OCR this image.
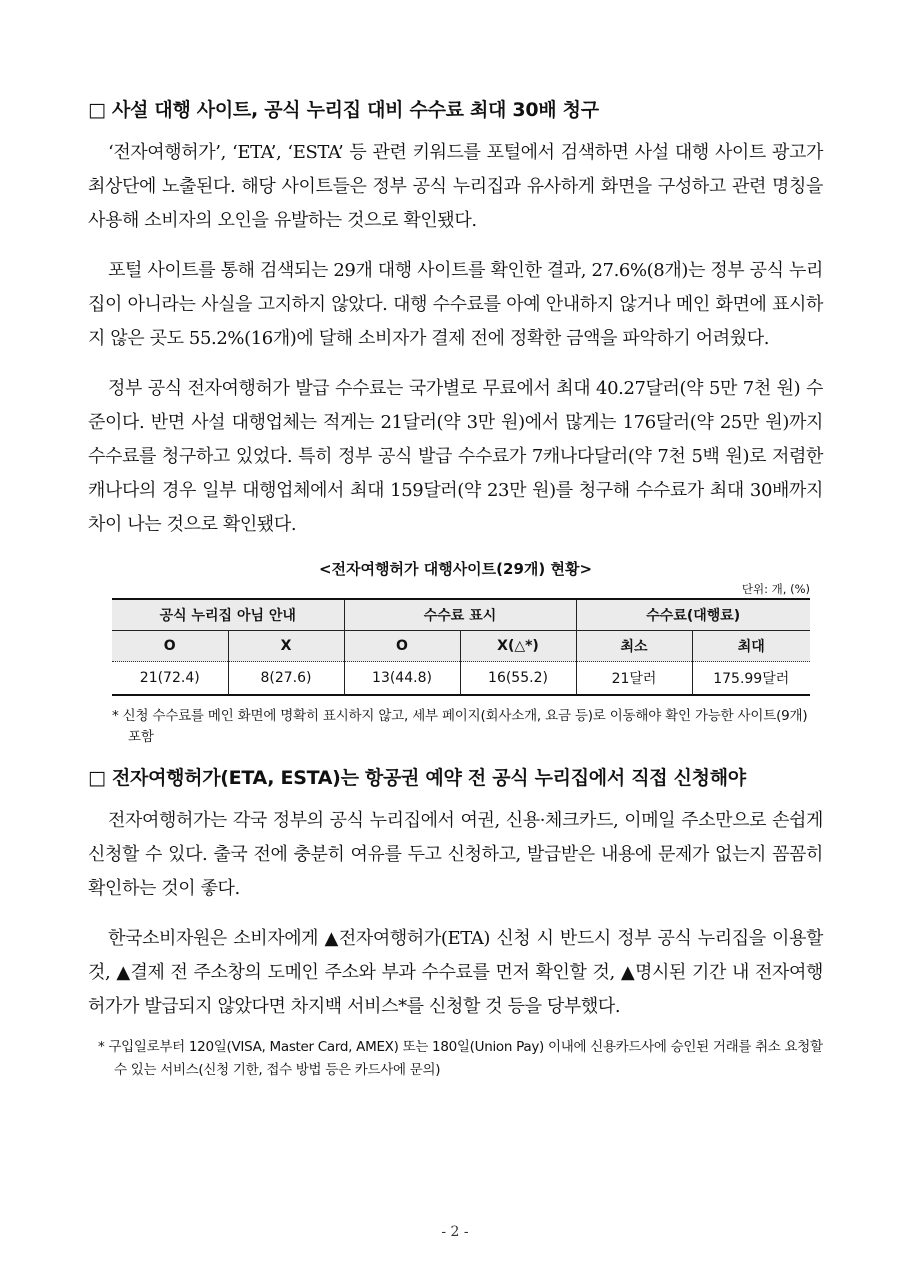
□ 사설 대행 사이트, 공식 누리집 대비 수수료 최대 30배 청구

‘전자여행허가’, ‘ETA’, ‘ESTA’ 등 관련 키워드를 포털에서 검색하면 사설 대행 사이트 광고가 최상단에 노출된다. 해당 사이트들은 정부 공식 누리집과 유사하게 화면을 구성하고 관련 명칭을 사용해 소비자의 오인을 유발하는 것으로 확인됐다.

포털 사이트를 통해 검색되는 29개 대행 사이트를 확인한 결과, 27.6%(8개)는 정부 공식 누리집이 아니라는 사실을 고지하지 않았다. 대행 수수료를 아예 안내하지 않거나 메인 화면에 표시하지 않은 곳도 55.2%(16개)에 달해 소비자가 결제 전에 정확한 금액을 파악하기 어려웠다.

정부 공식 전자여행허가 발급 수수료는 국가별로 무료에서 최대 40.27달러(약 5만 7천 원) 수준이다. 반면 사설 대행업체는 적게는 21달러(약 3만 원)에서 많게는 176달러(약 25만 원)까지 수수료를 청구하고 있었다. 특히 정부 공식 발급 수수료가 7캐나다달러(약 7천 5백 원)로 저렴한 캐나다의 경우 일부 대행업체에서 최대 159달러(약 23만 원)를 청구해 수수료가 최대 30배까지 차이 나는 것으로 확인됐다.

<전자여행허가 대행사이트(29개) 현황>

단위: 개, (%)

공식 누리집 아님 안내		수수료 표시		수수료(대행료)	
O	X	O	X(△*)	최소	최대
21(72.4)	8(27.6)	13(44.8)	16(55.2)	21달러	175.99달러

* 신청 수수료를 메인 화면에 명확히 표시하지 않고, 세부 페이지(회사소개, 요금 등)로 이동해야 확인 가능한 사이트(9개) 포함

□ 전자여행허가(ETA, ESTA)는 항공권 예약 전 공식 누리집에서 직접 신청해야

전자여행허가는 각국 정부의 공식 누리집에서 여권, 신용·체크카드, 이메일 주소만으로 손쉽게 신청할 수 있다. 출국 전에 충분히 여유를 두고 신청하고, 발급받은 내용에 문제가 없는지 꼼꼼히 확인하는 것이 좋다.

한국소비자원은 소비자에게 ▲전자여행허가(ETA) 신청 시 반드시 정부 공식 누리집을 이용할 것, ▲결제 전 주소창의 도메인 주소와 부과 수수료를 먼저 확인할 것, ▲명시된 기간 내 전자여행허가가 발급되지 않았다면 차지백 서비스*를 신청할 것 등을 당부했다.

* 구입일로부터 120일(VISA, Master Card, AMEX) 또는 180일(Union Pay) 이내에 신용카드사에 승인된 거래를 취소 요청할 수 있는 서비스(신청 기한, 접수 방법 등은 카드사에 문의)

- 2 -
